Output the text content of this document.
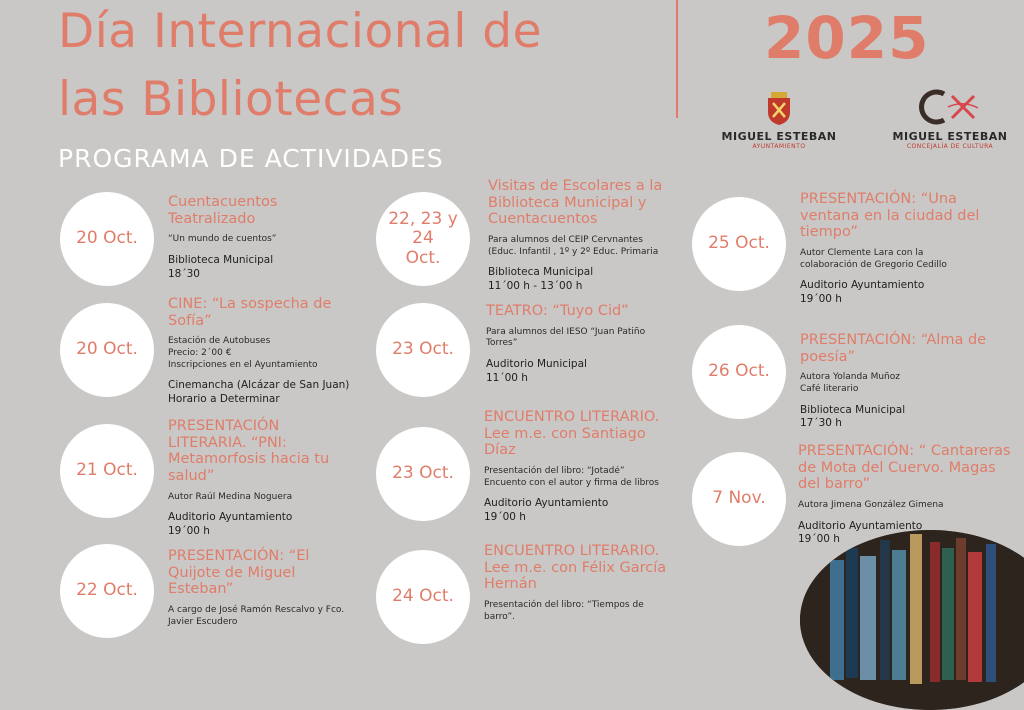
Día Internacional de
las Bibliotecas
PROGRAMA DE ACTIVIDADES
2025
MIGUEL ESTEBAN
AYUNTAMIENTO
MIGUEL ESTEBAN
CONCEJALÍA DE CULTURA
20 Oct.
Cuentacuentos
Teatralizado
“Un mundo de cuentos”
Biblioteca Municipal
18´30
20 Oct.
CINE: “La sospecha de
Sofía”
Estación de Autobuses
Precio: 2´00 €
Inscripciones en el Ayuntamiento
Cinemancha (Alcázar de San Juan)
Horario a Determinar
21 Oct.
PRESENTACIÓN
LITERARIA. “PNI:
Metamorfosis hacia tu
salud”
Autor Raúl Medina Noguera
Auditorio Ayuntamiento
19´00 h
22 Oct.
PRESENTACIÓN: “El
Quijote de Miguel
Esteban”
A cargo de José Ramón Rescalvo y Fco.
Javier Escudero
22, 23 y
24
Oct.
Visitas de Escolares a la
Biblioteca Municipal y
Cuentacuentos
Para alumnos del CEIP Cervnantes
(Educ. Infantil , 1º y 2º Educ. Primaria
Biblioteca Municipal
11´00 h - 13´00 h
23 Oct.
TEATRO: “Tuyo Cid”
Para alumnos del IESO “Juan Patiño
Torres”
Auditorio Municipal
11´00 h
23 Oct.
ENCUENTRO LITERARIO.
Lee m.e. con Santiago
Díaz
Presentación del libro: “Jotadé”
Encuento con el autor y firma de libros
Auditorio Ayuntamiento
19´00 h
24 Oct.
ENCUENTRO LITERARIO.
Lee m.e. con Félix García
Hernán
Presentación del libro: “Tiempos de
barro”.
25 Oct.
PRESENTACIÓN: “Una
ventana en la ciudad del
tiempo”
Autor Clemente Lara con la
colaboración de Gregorio Cedillo
Auditorio Ayuntamiento
19´00 h
26 Oct.
PRESENTACIÓN: “Alma de
poesía”
Autora Yolanda Muñoz
Café literario
Biblioteca Municipal
17´30 h
7 Nov.
PRESENTACIÓN: “ Cantareras
de Mota del Cuervo. Magas
del barro”
Autora Jimena González Gimena
Auditorio Ayuntamiento
19´00 h
